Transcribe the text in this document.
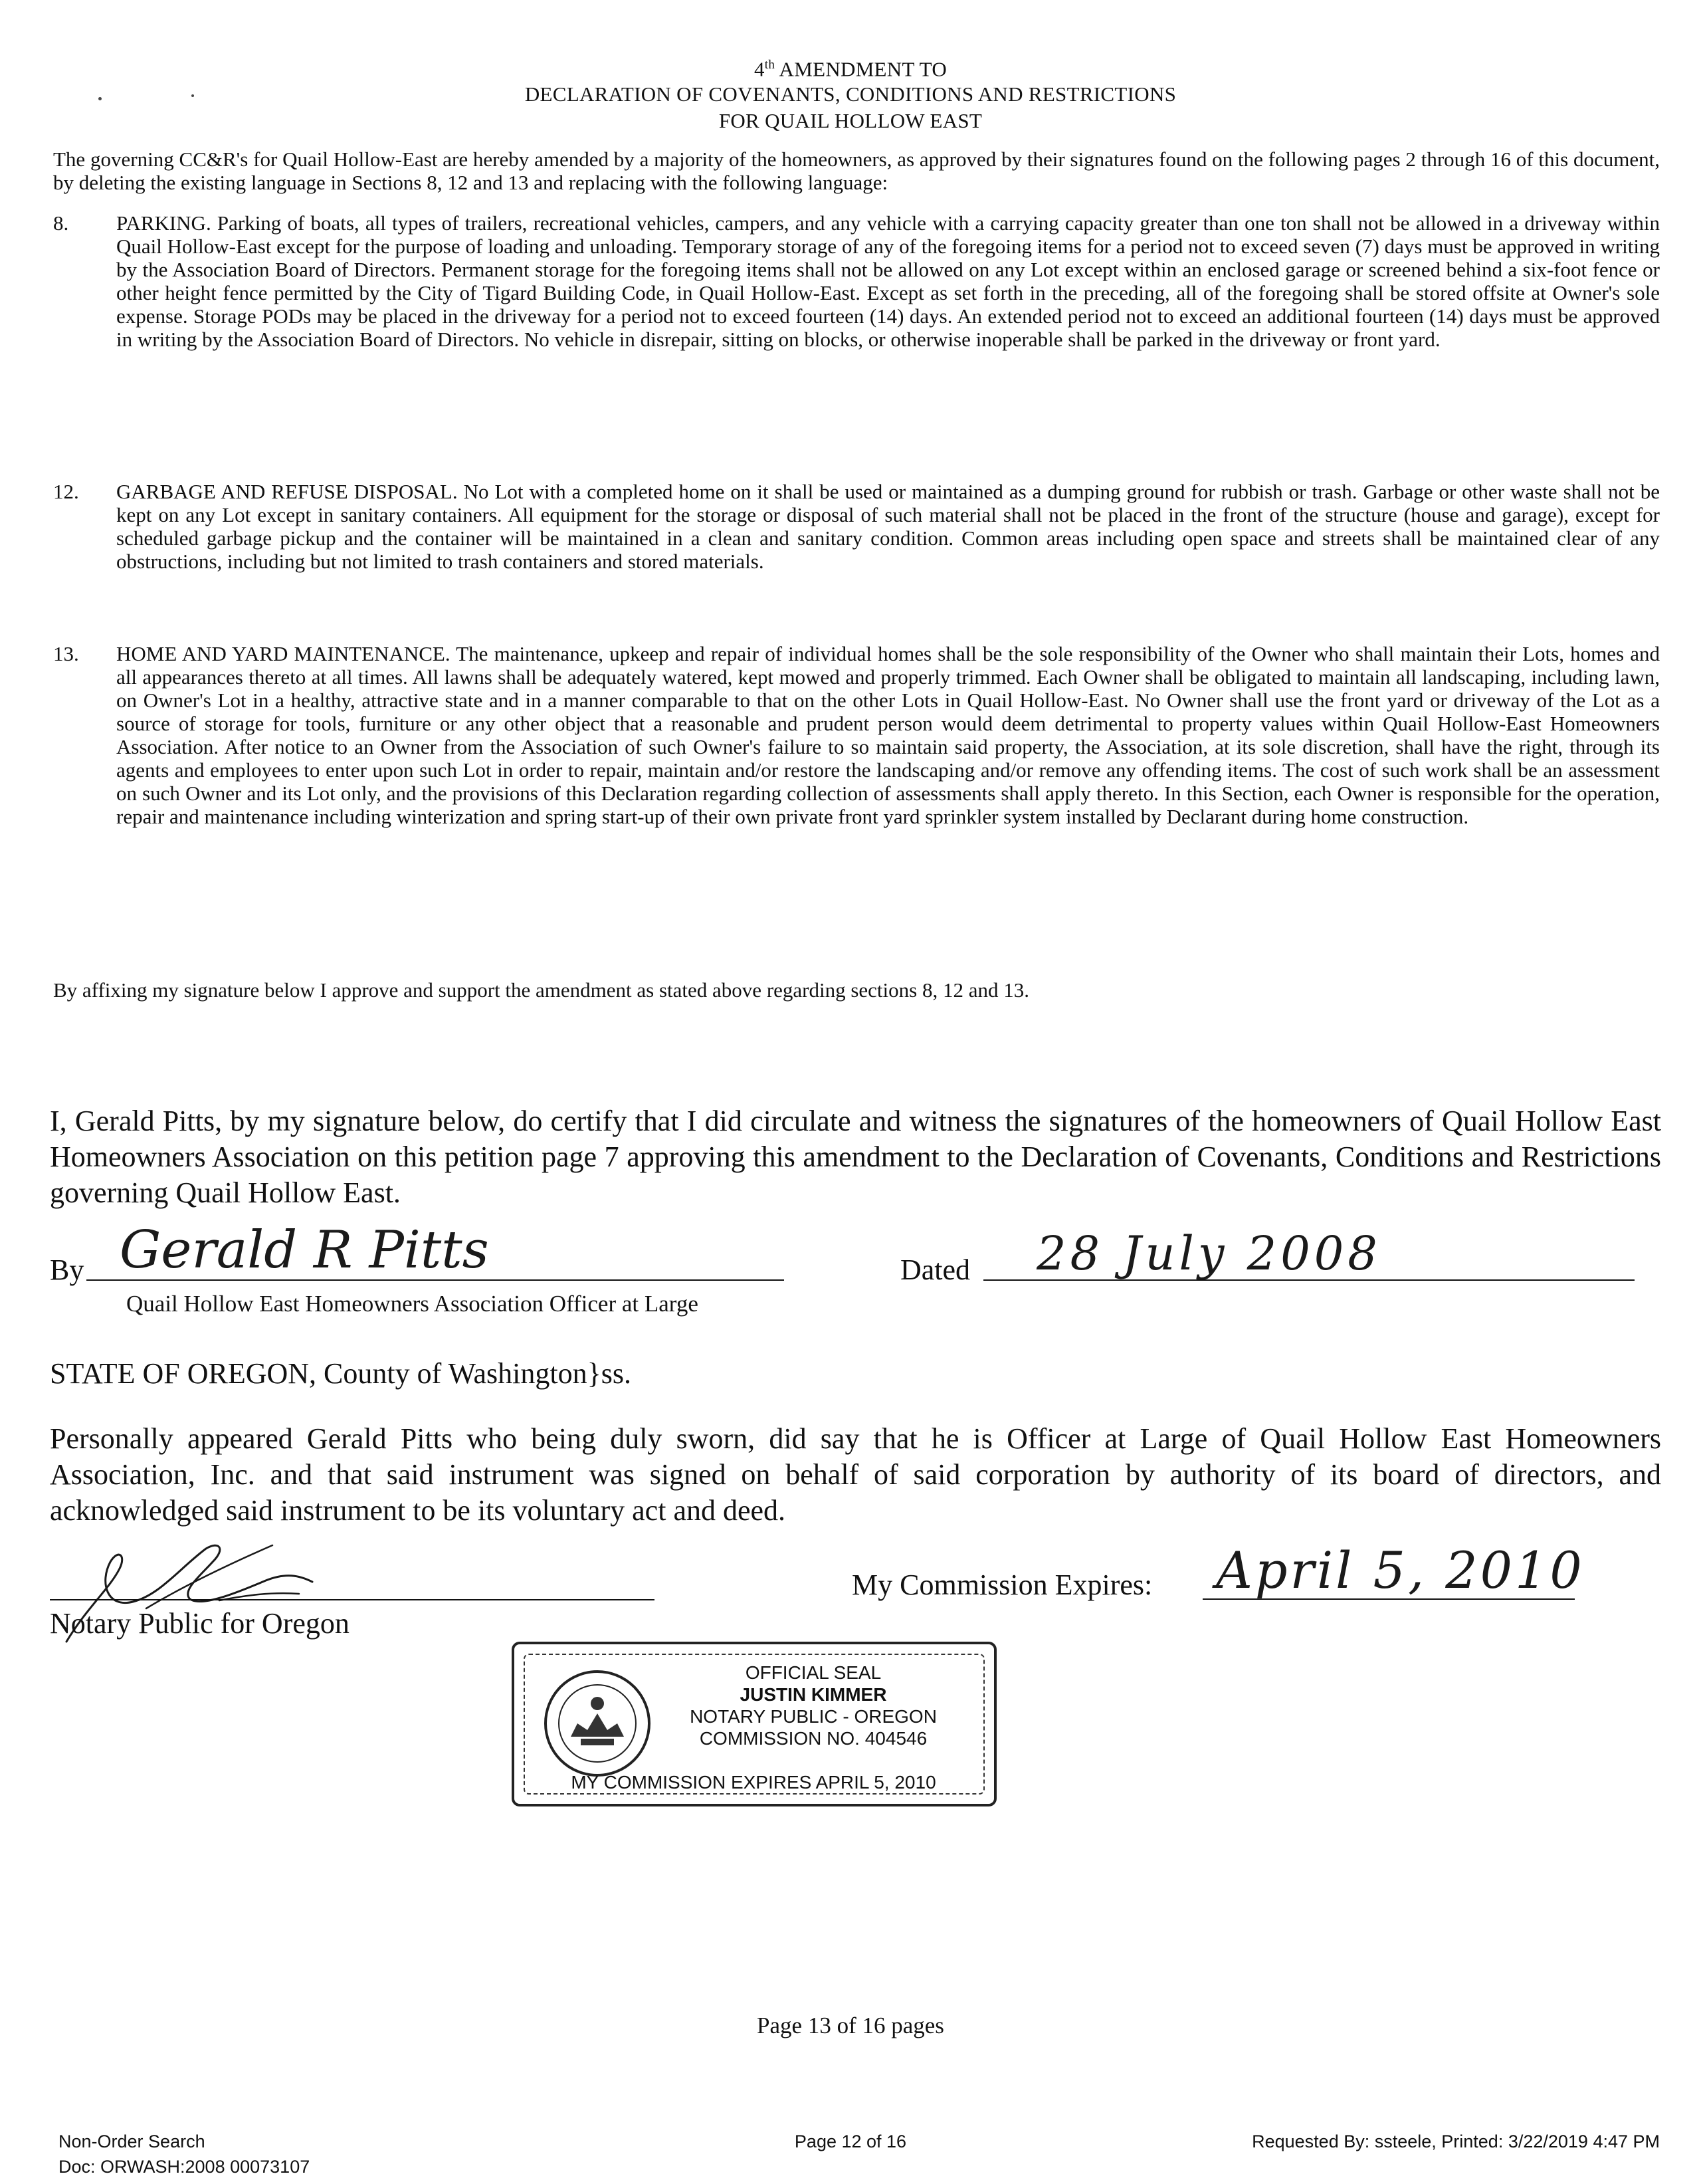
4th AMENDMENT TO
DECLARATION OF COVENANTS, CONDITIONS AND RESTRICTIONS
FOR QUAIL HOLLOW EAST
The governing CC&R's for Quail Hollow-East are hereby amended by a majority of the homeowners, as approved by their signatures found on the following pages 2 through 16 of this document, by deleting the existing language in Sections 8, 12 and 13 and replacing with the following language:
8. PARKING. Parking of boats, all types of trailers, recreational vehicles, campers, and any vehicle with a carrying capacity greater than one ton shall not be allowed in a driveway within Quail Hollow-East except for the purpose of loading and unloading. Temporary storage of any of the foregoing items for a period not to exceed seven (7) days must be approved in writing by the Association Board of Directors. Permanent storage for the foregoing items shall not be allowed on any Lot except within an enclosed garage or screened behind a six-foot fence or other height fence permitted by the City of Tigard Building Code, in Quail Hollow-East. Except as set forth in the preceding, all of the foregoing shall be stored offsite at Owner's sole expense. Storage PODs may be placed in the driveway for a period not to exceed fourteen (14) days. An extended period not to exceed an additional fourteen (14) days must be approved in writing by the Association Board of Directors. No vehicle in disrepair, sitting on blocks, or otherwise inoperable shall be parked in the driveway or front yard.
12. GARBAGE AND REFUSE DISPOSAL. No Lot with a completed home on it shall be used or maintained as a dumping ground for rubbish or trash. Garbage or other waste shall not be kept on any Lot except in sanitary containers. All equipment for the storage or disposal of such material shall not be placed in the front of the structure (house and garage), except for scheduled garbage pickup and the container will be maintained in a clean and sanitary condition. Common areas including open space and streets shall be maintained clear of any obstructions, including but not limited to trash containers and stored materials.
13. HOME AND YARD MAINTENANCE. The maintenance, upkeep and repair of individual homes shall be the sole responsibility of the Owner who shall maintain their Lots, homes and all appearances thereto at all times. All lawns shall be adequately watered, kept mowed and properly trimmed. Each Owner shall be obligated to maintain all landscaping, including lawn, on Owner's Lot in a healthy, attractive state and in a manner comparable to that on the other Lots in Quail Hollow-East. No Owner shall use the front yard or driveway of the Lot as a source of storage for tools, furniture or any other object that a reasonable and prudent person would deem detrimental to property values within Quail Hollow-East Homeowners Association. After notice to an Owner from the Association of such Owner's failure to so maintain said property, the Association, at its sole discretion, shall have the right, through its agents and employees to enter upon such Lot in order to repair, maintain and/or restore the landscaping and/or remove any offending items. The cost of such work shall be an assessment on such Owner and its Lot only, and the provisions of this Declaration regarding collection of assessments shall apply thereto. In this Section, each Owner is responsible for the operation, repair and maintenance including winterization and spring start-up of their own private front yard sprinkler system installed by Declarant during home construction.
By affixing my signature below I approve and support the amendment as stated above regarding sections 8, 12 and 13.
I, Gerald Pitts, by my signature below, do certify that I did circulate and witness the signatures of the homeowners of Quail Hollow East Homeowners Association on this petition page 7 approving this amendment to the Declaration of Covenants, Conditions and Restrictions governing Quail Hollow East.
By Gerald R Pitts
Quail Hollow East Homeowners Association Officer at Large
Dated 28 July 2008
STATE OF OREGON, County of Washington}ss.
Personally appeared Gerald Pitts who being duly sworn, did say that he is Officer at Large of Quail Hollow East Homeowners Association, Inc. and that said instrument was signed on behalf of said corporation by authority of its board of directors, and acknowledged said instrument to be its voluntary act and deed.
Notary Public for Oregon
My Commission Expires: April 5, 2010
OFFICIAL SEAL
JUSTIN KIMMER
NOTARY PUBLIC - OREGON
COMMISSION NO. 404546
MY COMMISSION EXPIRES APRIL 5, 2010
Page 13 of 16 pages
Non-Order Search
Doc: ORWASH:2008 00073107
Page 12 of 16	Requested By: ssteele, Printed: 3/22/2019 4:47 PM
